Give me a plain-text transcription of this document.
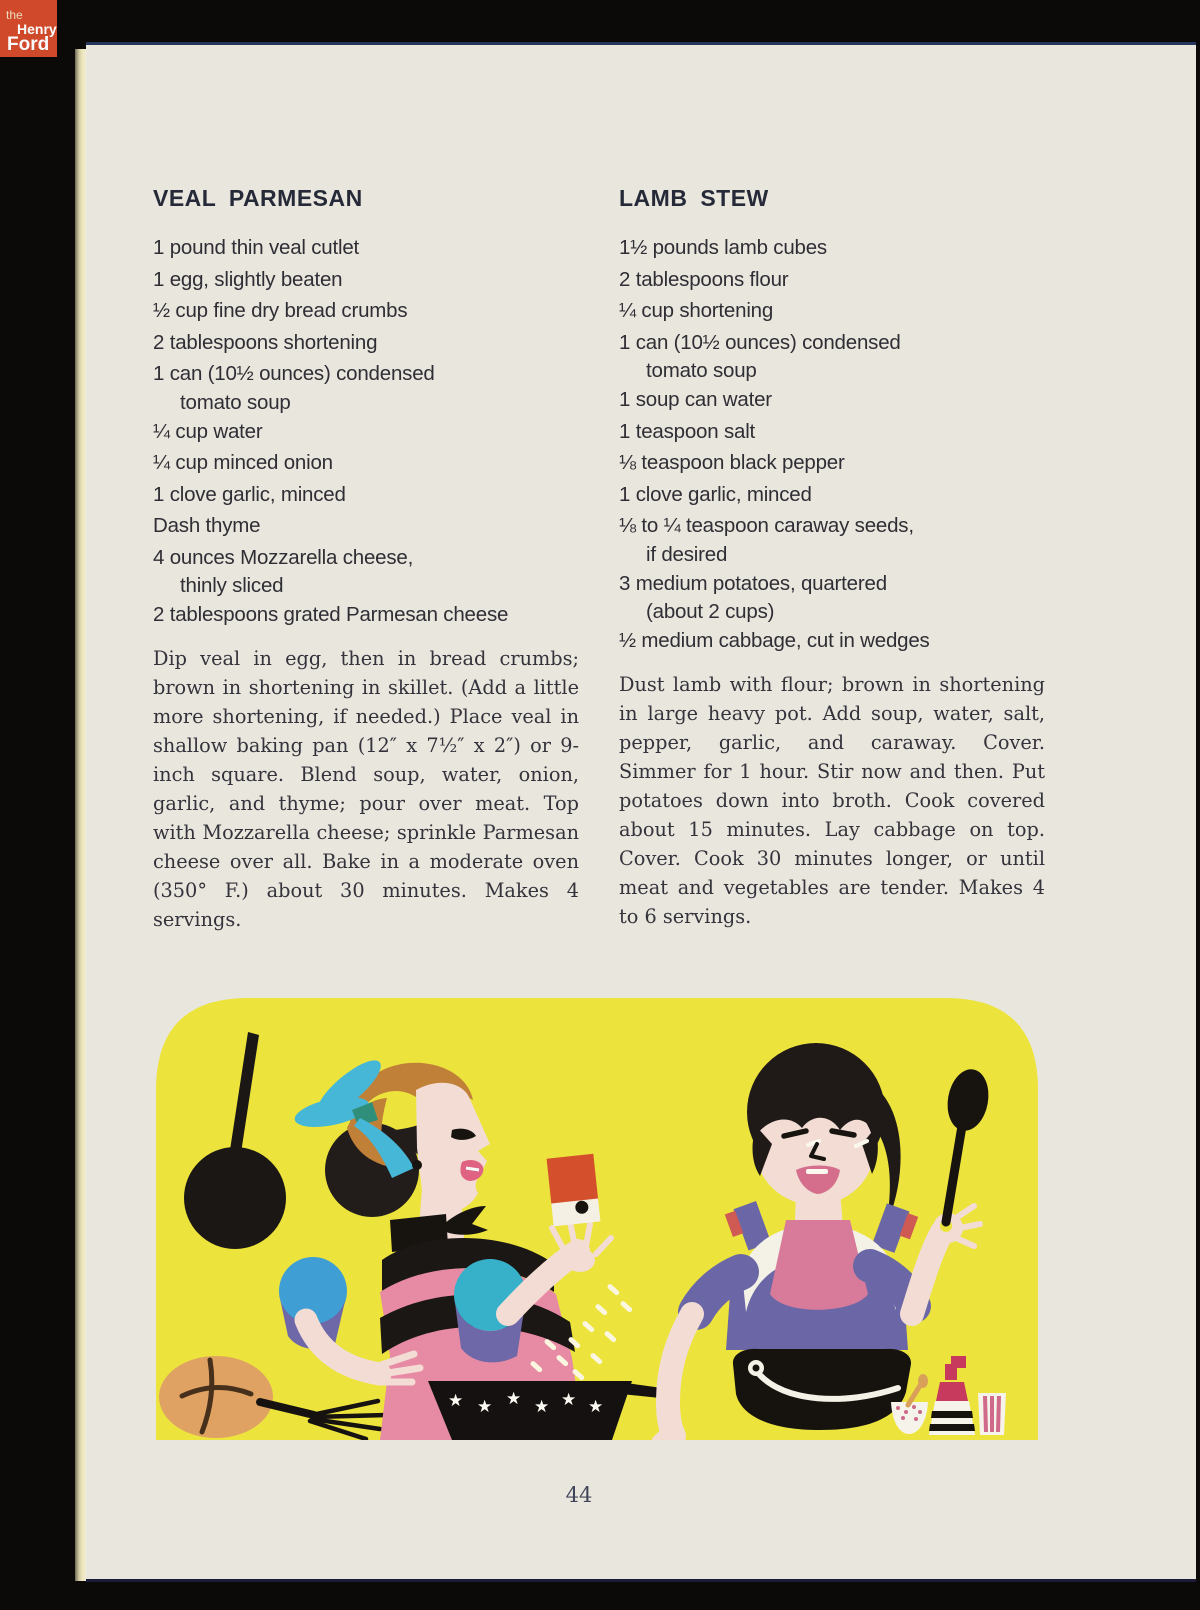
the
Henry
Ford
VEAL PARMESAN
1 pound thin veal cutlet
1 egg, slightly beaten
½ cup fine dry bread crumbs
2 tablespoons shortening
1 can (10½ ounces) condensed
tomato soup
¼ cup water
¼ cup minced onion
1 clove garlic, minced
Dash thyme
4 ounces Mozzarella cheese,
thinly sliced
2 tablespoons grated Parmesan cheese

Dip veal in egg, then in bread crumbs; brown in shortening in skillet. (Add a little more shortening, if needed.) Place veal in shallow baking pan (12″ x 7½″ x 2″) or 9-inch square. Blend soup, water, onion, garlic, and thyme; pour over meat. Top with Mozzarella cheese; sprinkle Parmesan cheese over all. Bake in a moderate oven (350° F.) about 30 minutes. Makes 4 servings.

LAMB STEW
1½ pounds lamb cubes
2 tablespoons flour
¼ cup shortening
1 can (10½ ounces) condensed
tomato soup
1 soup can water
1 teaspoon salt
⅛ teaspoon black pepper
1 clove garlic, minced
⅛ to ¼ teaspoon caraway seeds,
if desired
3 medium potatoes, quartered
(about 2 cups)
½ medium cabbage, cut in wedges

Dust lamb with flour; brown in shortening in large heavy pot. Add soup, water, salt, pepper, garlic, and caraway. Cover. Simmer for 1 hour. Stir now and then. Put potatoes down into broth. Cook covered about 15 minutes. Lay cabbage on top. Cover. Cook 30 minutes longer, or until meat and vegetables are tender. Makes 4 to 6 servings.

★ ★ ★ ★ ★ ★
44
